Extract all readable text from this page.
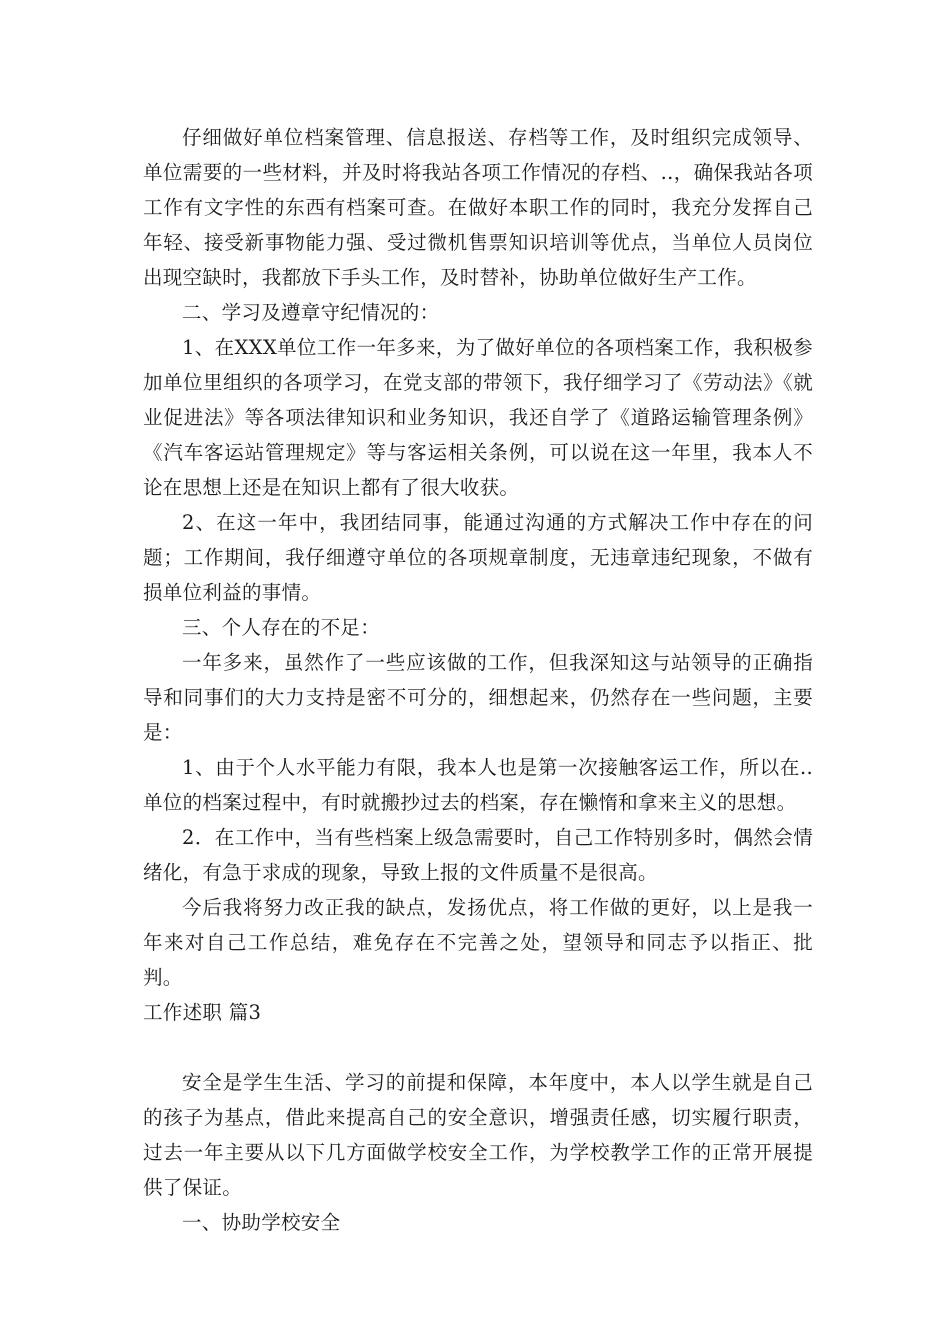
仔细做好单位档案管理、信息报送、存档等工作，及时组织完成领导、单位需要的一些材料，并及时将我站各项工作情况的存档、..，确保我站各项工作有文字性的东西有档案可查。在做好本职工作的同时，我充分发挥自己年轻、接受新事物能力强、受过微机售票知识培训等优点，当单位人员岗位出现空缺时，我都放下手头工作，及时替补，协助单位做好生产工作。

二、学习及遵章守纪情况的：

1、在XXX单位工作一年多来，为了做好单位的各项档案工作，我积极参加单位里组织的各项学习，在党支部的带领下，我仔细学习了《劳动法》《就业促进法》等各项法律知识和业务知识，我还自学了《道路运输管理条例》《汽车客运站管理规定》等与客运相关条例，可以说在这一年里，我本人不论在思想上还是在知识上都有了很大收获。

2、在这一年中，我团结同事，能通过沟通的方式解决工作中存在的问题；工作期间，我仔细遵守单位的各项规章制度，无违章违纪现象，不做有损单位利益的事情。

三、个人存在的不足：

一年多来，虽然作了一些应该做的工作，但我深知这与站领导的正确指导和同事们的大力支持是密不可分的，细想起来，仍然存在一些问题，主要是：

1、由于个人水平能力有限，我本人也是第一次接触客运工作，所以在..单位的档案过程中，有时就搬抄过去的档案，存在懒惰和拿来主义的思想。

2．在工作中，当有些档案上级急需要时，自己工作特别多时，偶然会情绪化，有急于求成的现象，导致上报的文件质量不是很高。

今后我将努力改正我的缺点，发扬优点，将工作做的更好，以上是我一年来对自己工作总结，难免存在不完善之处，望领导和同志予以指正、批判。

工作述职 篇3

安全是学生生活、学习的前提和保障，本年度中，本人以学生就是自己的孩子为基点，借此来提高自己的安全意识，增强责任感，切实履行职责，过去一年主要从以下几方面做学校安全工作，为学校教学工作的正常开展提供了保证。

一、协助学校安全
